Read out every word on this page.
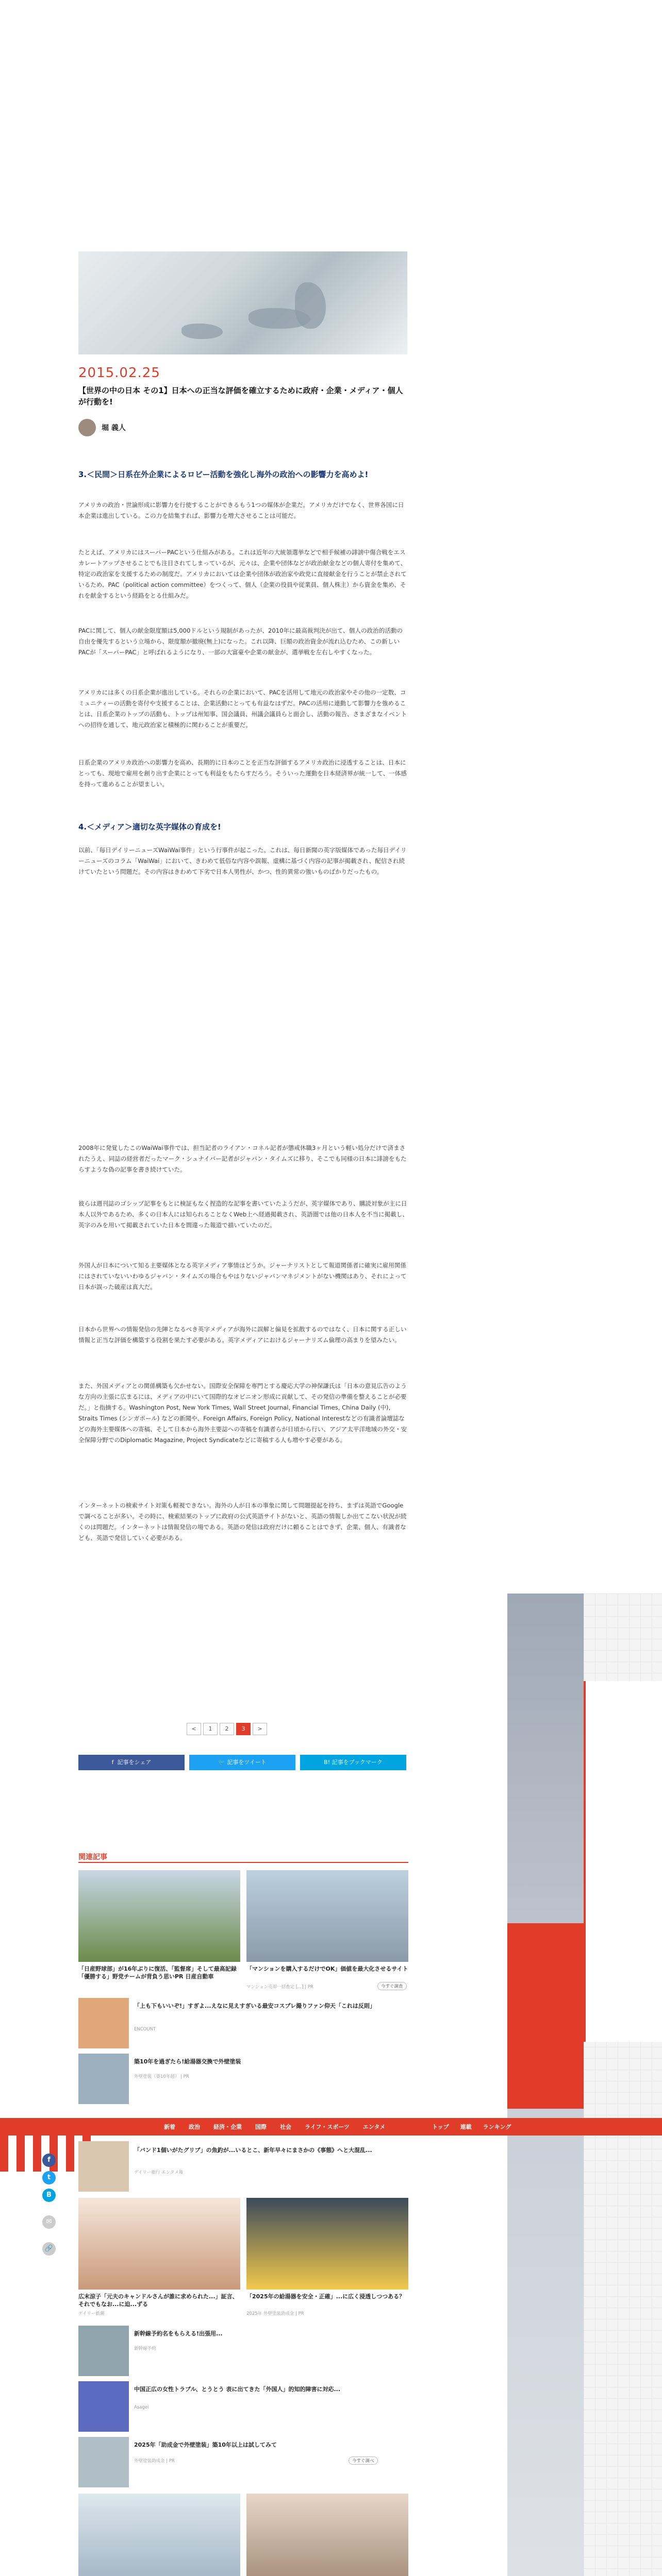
2015.02.25
【世界の中の日本 その1】日本への正当な評価を確立するために政府・企業・メディア・個人が行動を!
堀 義人
3.＜民間＞日系在外企業によるロビー活動を強化し海外の政治への影響力を高めよ!
アメリカの政治・世論形成に影響力を行使することができるもう1つの媒体が企業だ。アメリカだけでなく、世界各国に日本企業は進出している。この力を結集すれば、影響力を増大させることは可能だ。
たとえば、アメリカにはスーパーPACという仕組みがある。これは近年の大統領選挙などで相手候補の誹謗中傷合戦をエスカレートアップさせることでも注目されてしまっているが、元々は、企業や団体などが政治献金などの個人寄付を集めて、特定の政治家を支援するための制度だ。アメリカにおいては企業や団体が政治家や政党に直接献金を行うことが禁止されているため、PAC（political action committee）をつくって、個人（企業の役員や従業員、個人株主）から資金を集め、それを献金するという経路をとる仕組みだ。
PACに関して、個人の献金限度額は5,000ドルという規制があったが、2010年に最高裁判決が出て、個人の政治的活動の自由を優先するという立場から、限度額が撤廃(無上)になった。これ以降、巨額の政治資金が流れ込むため、この新しいPACが「スーパーPAC」と呼ばれるようになり、一部の大富豪や企業の献金が、選挙戦を左右しやすくなった。
アメリカには多くの日系企業が進出している。それらの企業において、PACを活用して地元の政治家やその他の一定数、コミュニティーの活動を寄付や支援することは、企業活動にとっても有益なはずだ。PACの活用に連動して影響力を強めることは、日系企業のトップの活動も、トップは州知事、国会議員、州議会議員らと面会し、活動の報告、さまざまなイベントへの招待を通して、地元政治家と積極的に関わることが重要だ。
日系企業のアメリカ政治への影響力を高め、長期的に日本のことを正当な評価するアメリカ政治に浸透することは、日本にとっても、現地で雇用を創り出す企業にとっても利益をもたらすだろう。そういった運動を日本経済界が統一して、一体感を持って進めることが望ましい。
4.＜メディア＞適切な英字媒体の育成を!
以前、「毎日デイリーニューズWaiWai事件」という行事件が起こった。これは、毎日新聞の英字版媒体であった毎日デイリーニューズのコラム「WaiWai」において、きわめて低俗な内容や誤報、虚構に基づく内容の記事が掲載され、配信され続けていたという問題だ。その内容はきわめて下劣で日本人男性が、かつ、性的異常の強いものばかりだったもの。
2008年に発覚したこのWaiWai事件では、担当記者のライアン・コネル記者が懲戒休職3ヶ月という軽い処分だけで済まされたうえ、同誌の経営者だったマーク・シュナイバー記者がジャパン・タイムズに移り、そこでも同様の日本に誹謗をもたらすような偽の記事を書き続けていた。
彼らは週刊誌のゴシップ記事をもとに検証もなく捏造的な記事を書いていたようだが、英字媒体であり、購読対象が主に日本人以外であるため、多くの日本人には知られることなくWeb上へ経過掲載され、英語圏では他の日本人を不当に掲載し、英字のみを用いて掲載されていた日本を間違った報道で描いていたのだ。
外国人が日本について知る主要媒体となる英字メディア事情はどうか。ジャーナリストとして報道関係者に確実に雇用関係にはされていないいわゆるジャパン・タイムズの場合もやはりないジャパンマネジメントがない機関はあり、それによって日本が誤った破産は真大だ。
日本から世界への情報発信の先陣となるべき英字メディアが海外に誤解と偏見を拡散するのではなく、日本に関する正しい情報と正当な評価を構築する役割を果たす必要がある。英字メディアにおけるジャーナリズム倫理の高まりを望みたい。
また、外国メディアとの関係構築も欠かせない。国際安全保障を専門とする慶応大学の神保謙氏は「日本の意見広告のような方向の主張に広まるには、メディアの中にいて国際的なオピニオン形成に貢献して、その発信の準備を整えることが必要だ。」と指摘する。Washington Post, New York Times, Wall Street Journal, Financial Times, China Daily (中), Straits Times (シンガポール) などの新聞や、Foreign Affairs, Foreign Policy, National Interestなどの有識者論壇誌などの海外主要媒体への寄稿、そして日本から海外主要誌への寄稿を有識者らが日頃から行い、アジア太平洋地域の外交・安全保障分野でのDiplomatic Magazine, Project Syndicateなどに寄稿する人も増やす必要がある。
インターネットの検索サイト対策も軽視できない。海外の人が日本の事象に関して問題提起を持ち、まずは英語でGoogleで調べることが多い。その時に、検索結果のトップに政府の公式英語サイトがないと、英語の情報しか出てこない状況が続くのは問題だ。インターネットは情報発信の場である。英語の発信は政府だけに頼ることはできず、企業、個人、有識者なども、英語で発信していく必要がある。
<	1	2	3	>
f  記事をシェア	🐦 記事をツイート	B! 記事をブックマーク
関連記事
「日産野球部」が16年ぶりに復活、「監督席」そして最高記録「優勝する」野党チームが背負う思いPR 日産自動車
「マンションを購入するだけでOK」価値を最大化させるサイト
マンション売却一括査定 [...] | PR	今すぐ調査
「上も下もいいぞ!」すぎよ...えなに見えすぎいる最安コスプレ撮りファン仰天「これは反則」
ENCOUNT
築10年を過ぎたら!給湯器交換で外壁塗装
外壁塗装（築10年超） | PR
新着 政治 経済・企業 国際 社会 ライフ・スポーツ エンタメ	トップ 連載 ランキング
f
t
B
✉
🔗
「バンド1個いがたグリブ」の魚釣が...いるとこ、新年早々にまさかの《事態》へと大混乱...
デイリー旅行 エンタメ報
広末涼子「元夫のキャンドルさんが誰に求められた...」証言、それでもなお...に迫...ずる
デイリー新潮
「2025年の給湯器を安全・正確」...に広く浸透しつつある？
2025年 外壁塗装助成金 | PR
新幹線予約名をもらえる!出張用...
新幹線予約
中国正広の女性トラブル、とうとう 表に出てきた「外国人」的知的障害に対応...
Asagei
2025年「助成金で外壁塗装」築10年以上は試してみて
外壁塗装助成金 | PR	今すぐ調べ
